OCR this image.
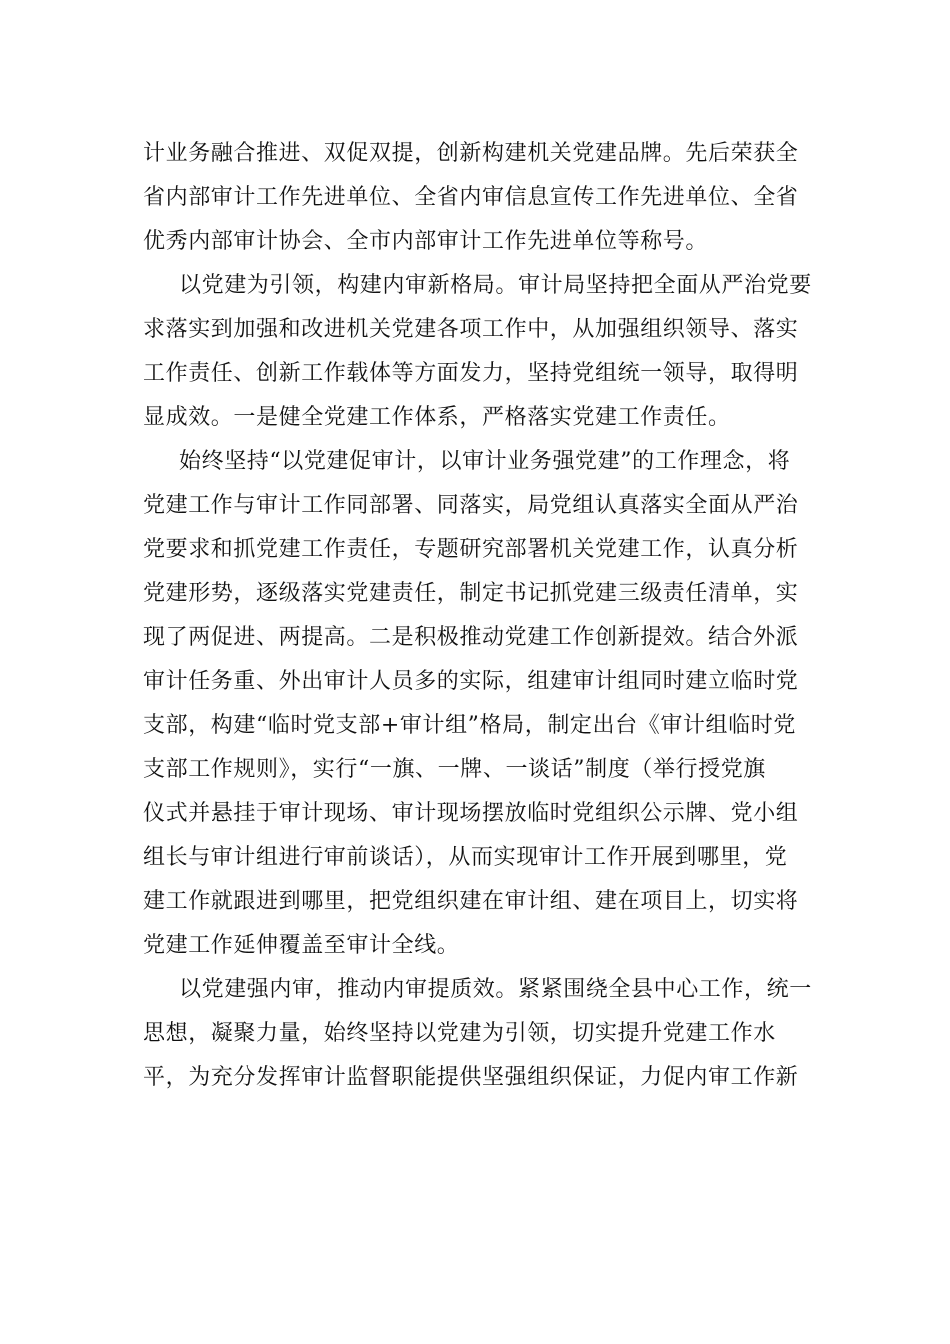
计业务融合推进、双促双提，创新构建机关党建品牌。先后荣获全
省内部审计工作先进单位、全省内审信息宣传工作先进单位、全省
优秀内部审计协会、全市内部审计工作先进单位等称号。
以党建为引领，构建内审新格局。审计局坚持把全面从严治党要
求落实到加强和改进机关党建各项工作中，从加强组织领导、落实
工作责任、创新工作载体等方面发力，坚持党组统一领导，取得明
显成效。一是健全党建工作体系，严格落实党建工作责任。
始终坚持“以党建促审计，以审计业务强党建”的工作理念，将
党建工作与审计工作同部署、同落实，局党组认真落实全面从严治
党要求和抓党建工作责任，专题研究部署机关党建工作，认真分析
党建形势，逐级落实党建责任，制定书记抓党建三级责任清单，实
现了两促进、两提高。二是积极推动党建工作创新提效。结合外派
审计任务重、外出审计人员多的实际，组建审计组同时建立临时党
支部，构建“临时党支部+审计组”格局，制定出台《审计组临时党
支部工作规则》，实行“一旗、一牌、一谈话”制度（举行授党旗
仪式并悬挂于审计现场、审计现场摆放临时党组织公示牌、党小组
组长与审计组进行审前谈话），从而实现审计工作开展到哪里，党
建工作就跟进到哪里，把党组织建在审计组、建在项目上，切实将
党建工作延伸覆盖至审计全线。
以党建强内审，推动内审提质效。紧紧围绕全县中心工作，统一
思想，凝聚力量，始终坚持以党建为引领，切实提升党建工作水
平，为充分发挥审计监督职能提供坚强组织保证，力促内审工作新
